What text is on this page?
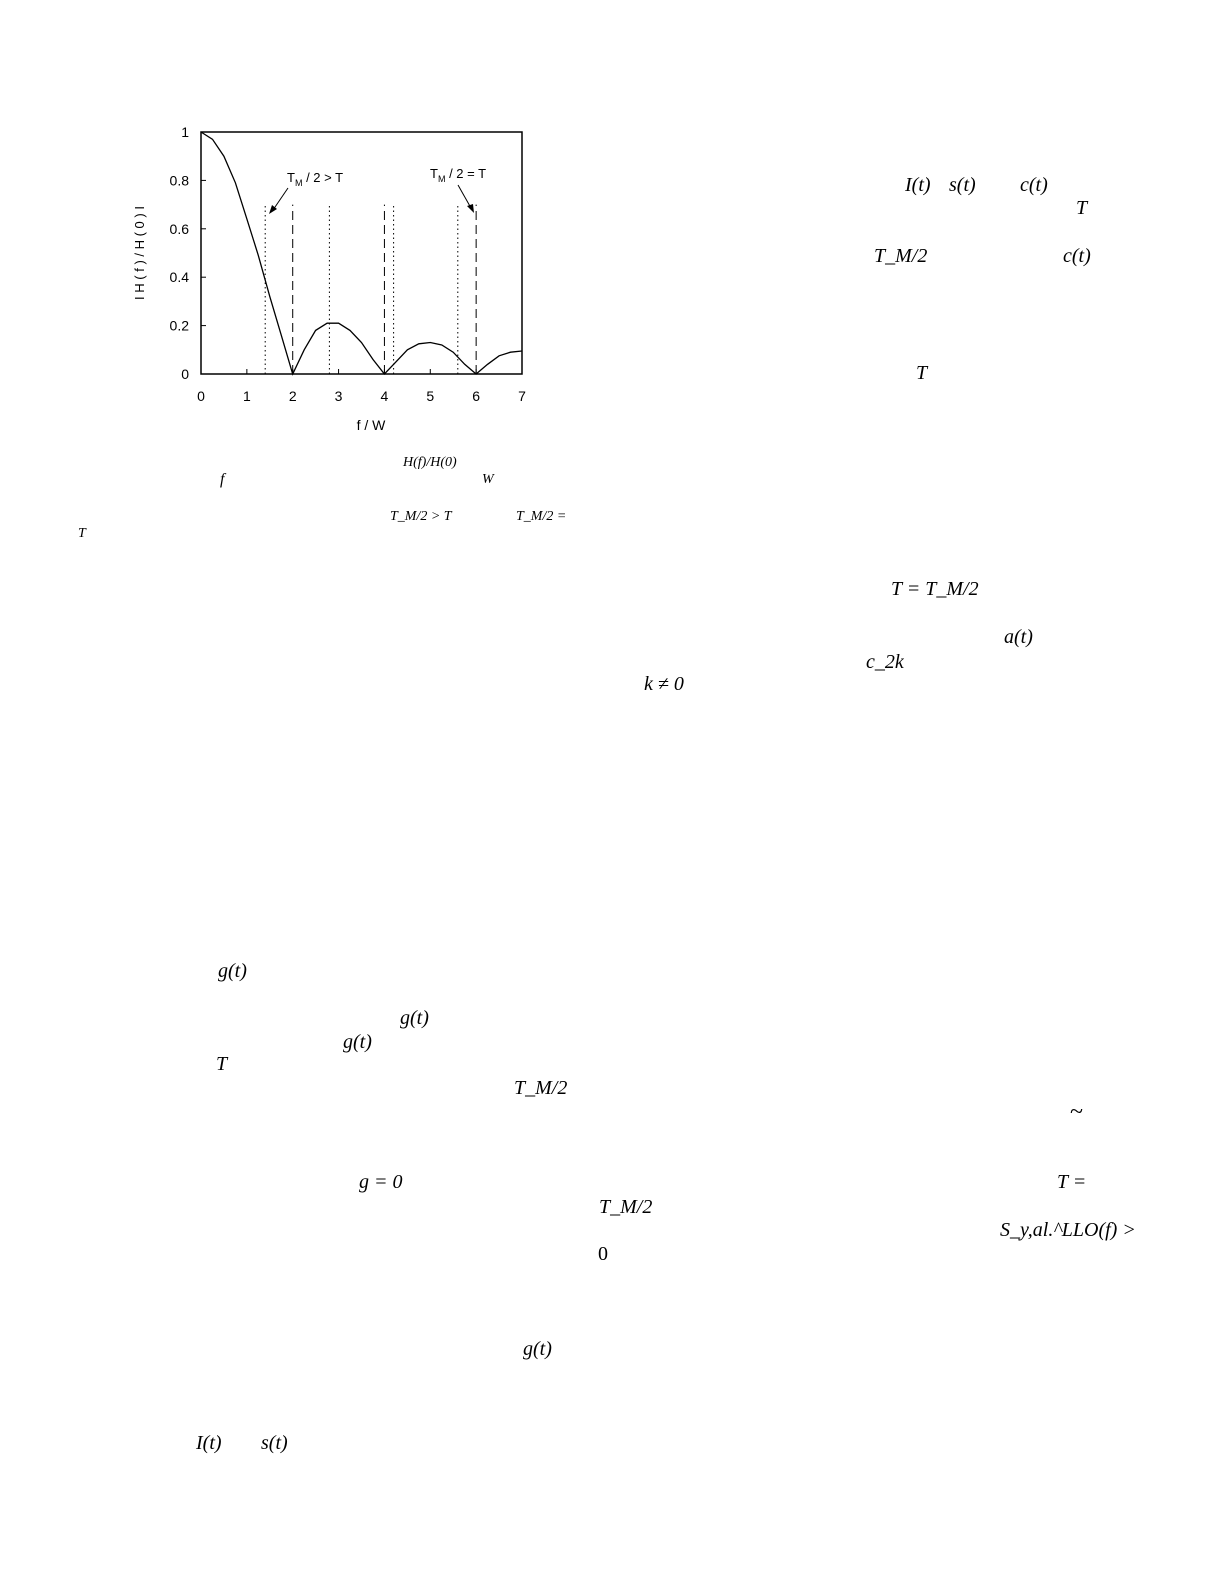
0	1	2	3	4	5	6	7
0
0.2
0.4
0.6
0.8
1
f / W
I H ( f ) / H ( 0 ) I
$T_M / 2 > T$	$T_M / 2 = T$
H(f)/H(0)
f	W
T_M/2 > T	T_M/2 =
T
I(t) s(t) c(t)
T
T_M/2	c(t)
T
T = T_M/2
a(t)
c_2k
k ≠ 0
g(t)
g(t)
g(t)
T
T_M/2
~
g = 0	T =
T_M/2
S_y,al.^LLO(f) >
0
g(t)
I(t) s(t)
